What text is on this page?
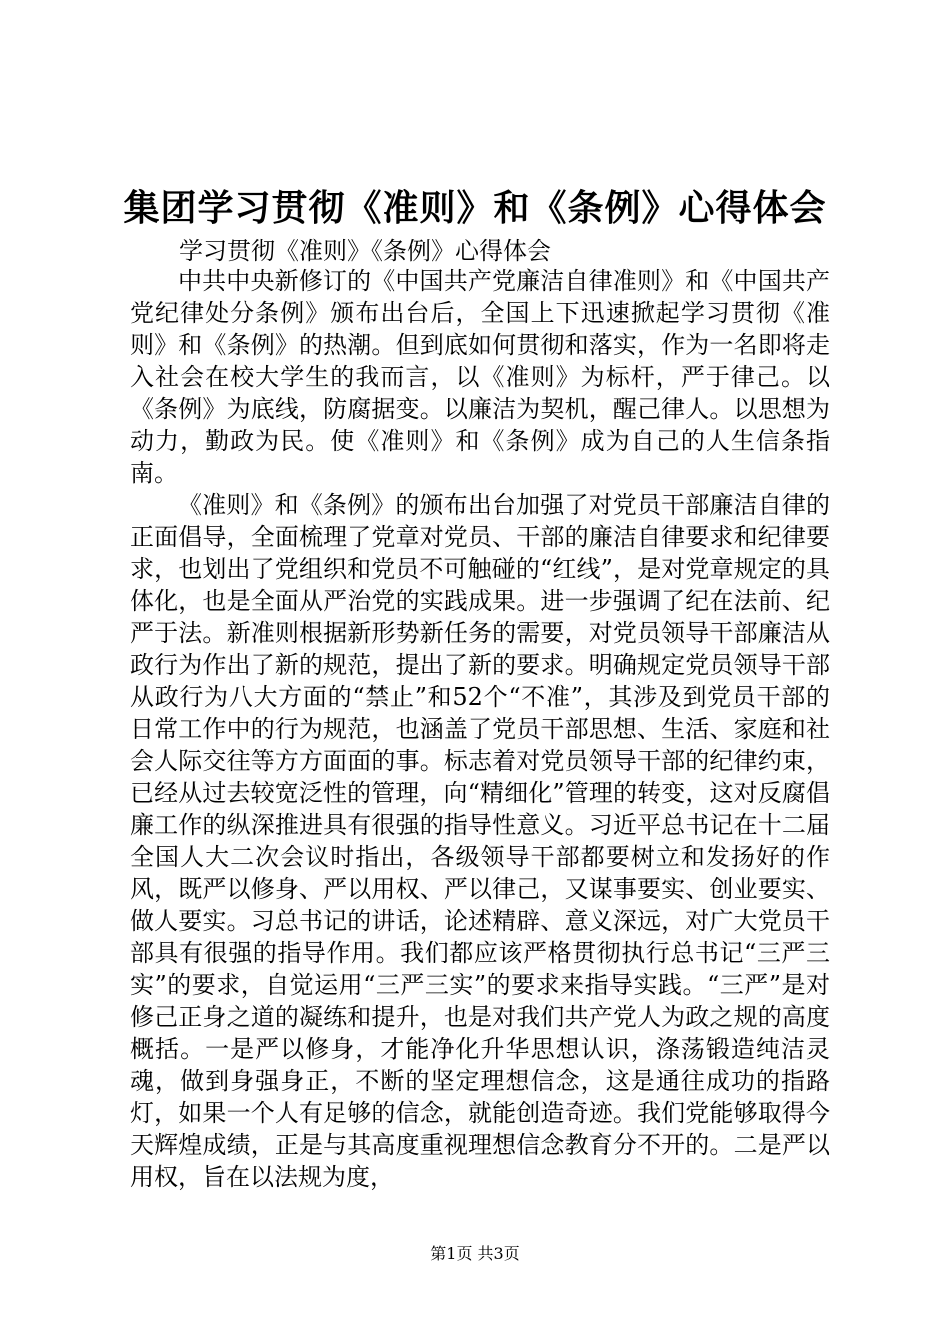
集团学习贯彻《准则》和《条例》心得体会
学习贯彻《准则》《条例》心得体会

中共中央新修订的《中国共产党廉洁自律准则》和《中国共产党纪律处分条例》颁布出台后，全国上下迅速掀起学习贯彻《准则》和《条例》的热潮。但到底如何贯彻和落实，作为一名即将走入社会在校大学生的我而言，以《准则》为标杆，严于律己。以《条例》为底线，防腐据变。以廉洁为契机，醒己律人。以思想为动力，勤政为民。使《准则》和《条例》成为自己的人生信条指南。

《准则》和《条例》的颁布出台加强了对党员干部廉洁自律的正面倡导，全面梳理了党章对党员、干部的廉洁自律要求和纪律要求，也划出了党组织和党员不可触碰的“红线”，是对党章规定的具体化，也是全面从严治党的实践成果。进一步强调了纪在法前、纪严于法。新准则根据新形势新任务的需要，对党员领导干部廉洁从政行为作出了新的规范，提出了新的要求。明确规定党员领导干部从政行为八大方面的“禁止”和52个“不准”，其涉及到党员干部的日常工作中的行为规范，也涵盖了党员干部思想、生活、家庭和社会人际交往等方方面面的事。标志着对党员领导干部的纪律约束，已经从过去较宽泛性的管理，向“精细化”管理的转变，这对反腐倡廉工作的纵深推进具有很强的指导性意义。习近平总书记在十二届全国人大二次会议时指出，各级领导干部都要树立和发扬好的作风，既严以修身、严以用权、严以律己，又谋事要实、创业要实、做人要实。习总书记的讲话，论述精辟、意义深远，对广大党员干部具有很强的指导作用。我们都应该严格贯彻执行总书记“三严三实”的要求，自觉运用“三严三实”的要求来指导实践。“三严”是对修己正身之道的凝练和提升，也是对我们共产党人为政之规的高度概括。一是严以修身，才能净化升华思想认识，涤荡锻造纯洁灵魂，做到身强身正，不断的坚定理想信念，这是通往成功的指路灯，如果一个人有足够的信念，就能创造奇迹。我们党能够取得今天辉煌成绩，正是与其高度重视理想信念教育分不开的。二是严以用权，旨在以法规为度，

第1页 共3页
